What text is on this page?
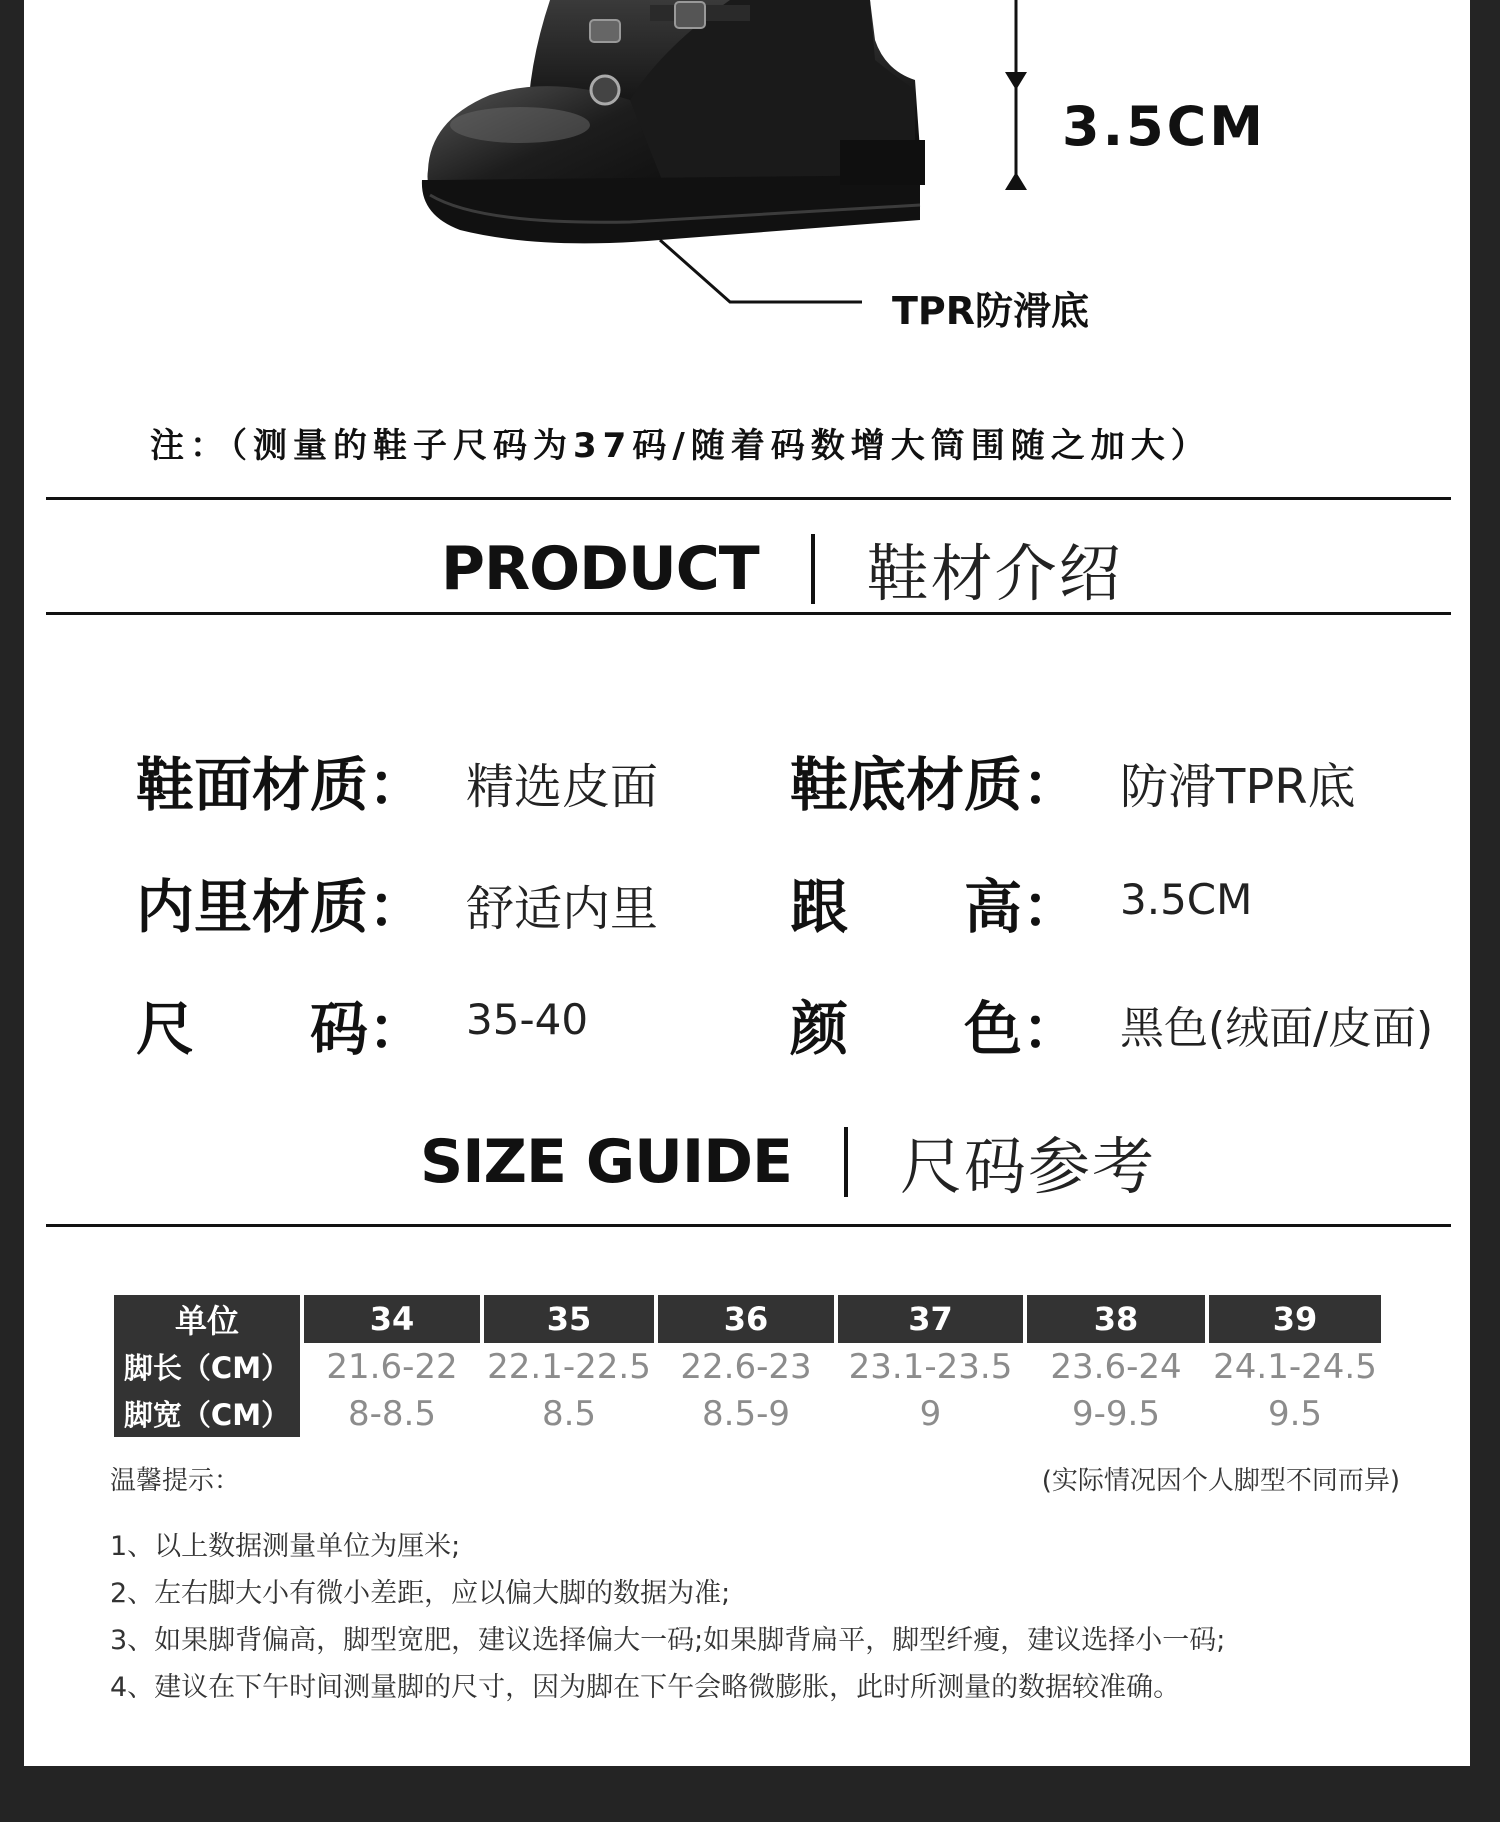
3.5CM
TPR防滑底
注：（测量的鞋子尺码为37码/随着码数增大筒围随之加大）
PRODUCT 鞋材介绍
鞋面材质： 精选皮面 鞋底材质： 防滑TPR底
内里材质： 舒适内里 跟　　高： 3.5CM
尺　　码： 35-40	颜　　色： 黑色(绒面/皮面)
SIZE GUIDE 尺码参考
单位	34	35	36	37	38	39
脚长（CM）	21.6-22	22.1-22.5	22.6-23	23.1-23.5	23.6-24	24.1-24.5
脚宽（CM）	8-8.5	8.5	8.5-9	9	9-9.5	9.5
温馨提示：	(实际情况因个人脚型不同而异)
1、以上数据测量单位为厘米;
2、左右脚大小有微小差距，应以偏大脚的数据为准;
3、如果脚背偏高，脚型宽肥，建议选择偏大一码;如果脚背扁平，脚型纤瘦，建议选择小一码;
4、建议在下午时间测量脚的尺寸，因为脚在下午会略微膨胀，此时所测量的数据较准确。
